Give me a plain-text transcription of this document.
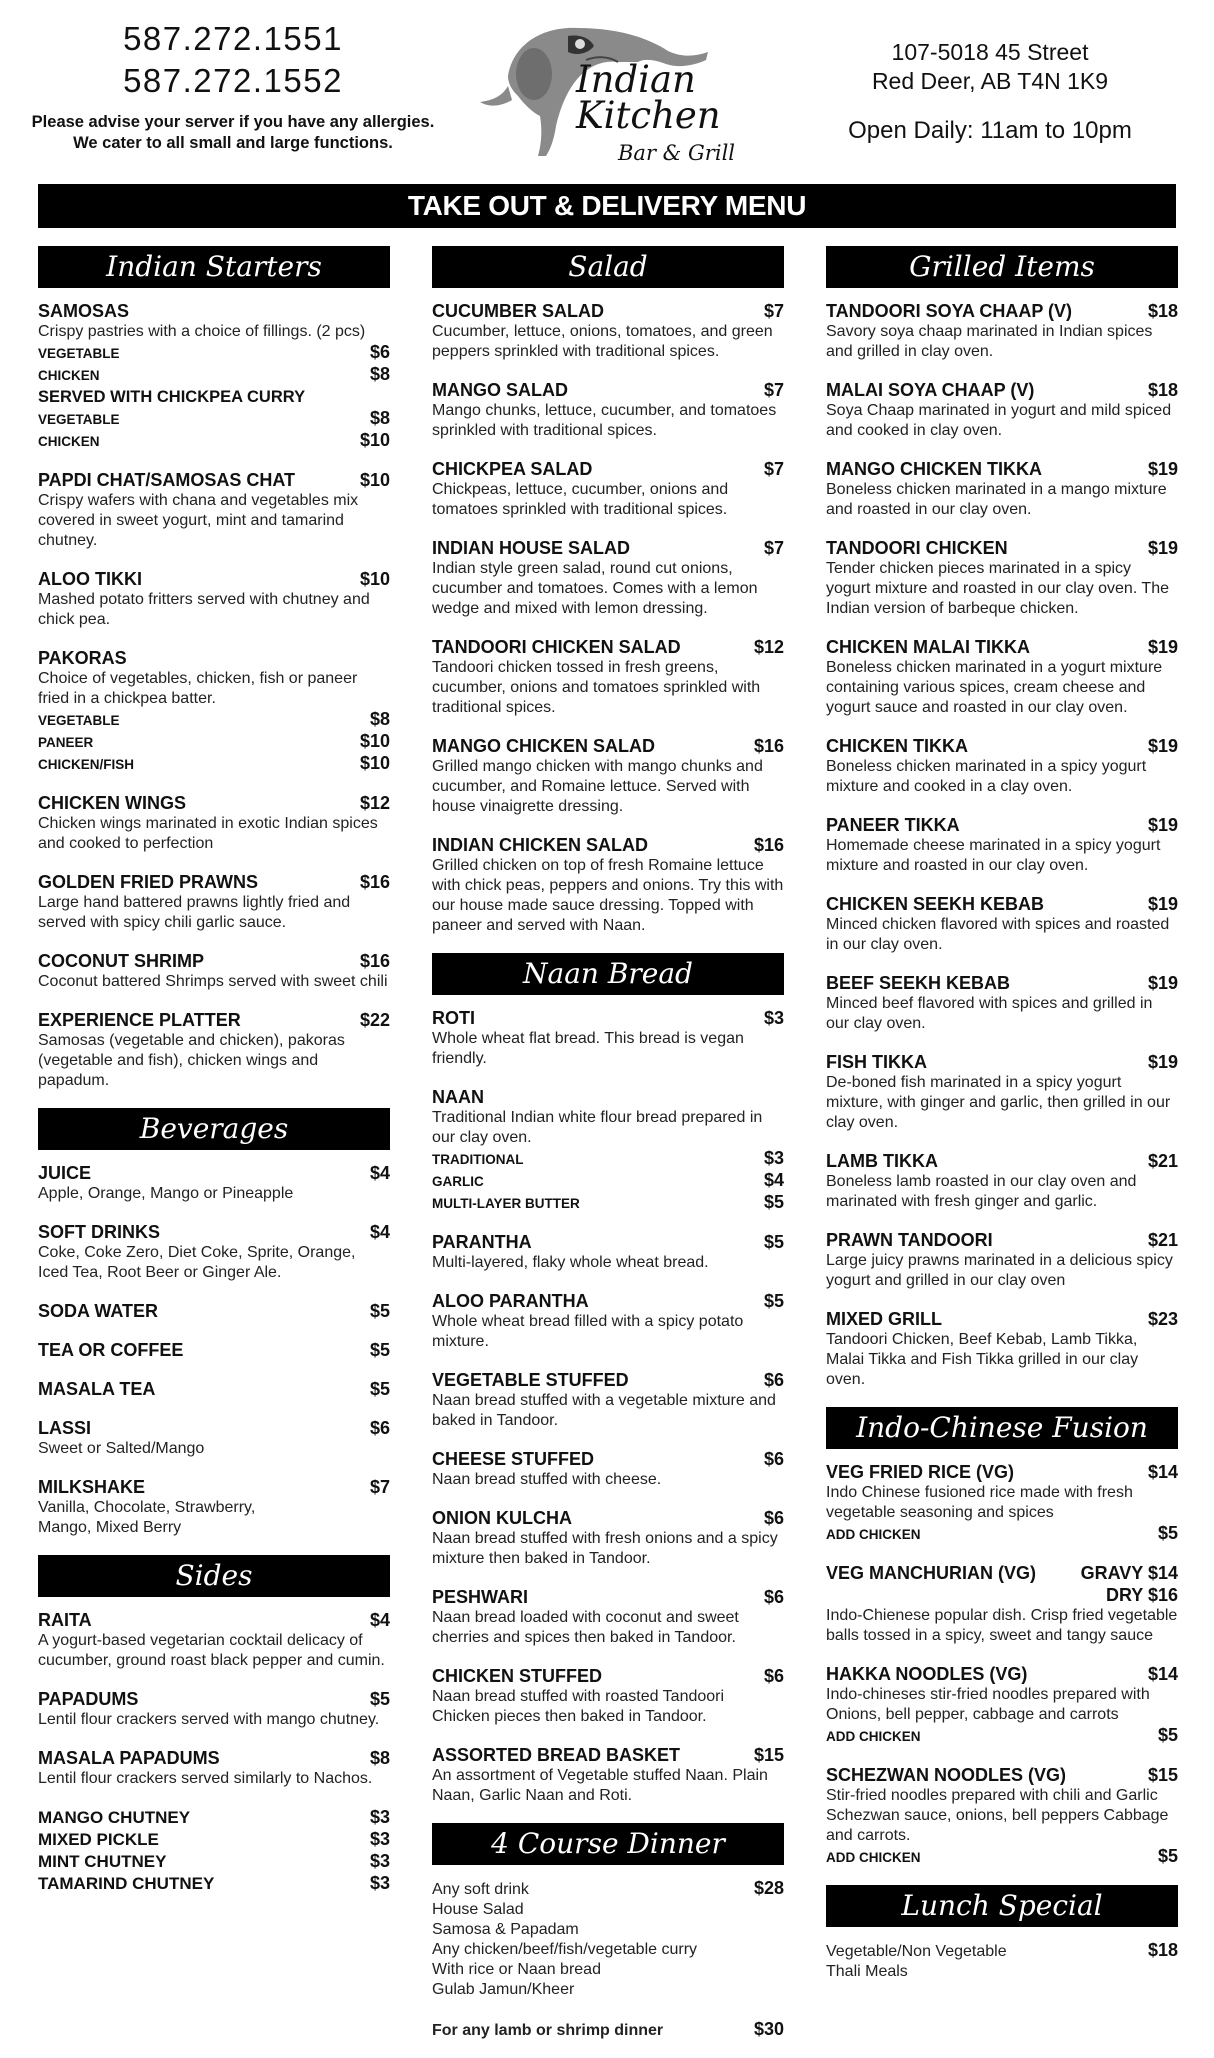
587.272.1551
587.272.1552
Please advise your server if you have any allergies.
We cater to all small and large functions.
Indian
Kitchen
Bar & Grill
107-5018 45 Street
Red Deer, AB T4N 1K9
Open Daily: 11am to 10pm
TAKE OUT & DELIVERY MENU
Indian Starters
SAMOSAS
Crispy pastries with a choice of fillings. (2 pcs)
VEGETABLE	$6
CHICKEN	$8
SERVED WITH CHICKPEA CURRY
VEGETABLE	$8
CHICKEN	$10
PAPDI CHAT/SAMOSAS CHAT	$10
Crispy wafers with chana and vegetables mix covered in sweet yogurt, mint and tamarind chutney.
ALOO TIKKI	$10
Mashed potato fritters served with chutney and chick pea.
PAKORAS
Choice of vegetables, chicken, fish or paneer fried in a chickpea batter.
VEGETABLE	$8
PANEER	$10
CHICKEN/FISH	$10
CHICKEN WINGS	$12
Chicken wings marinated in exotic Indian spices and cooked to perfection
GOLDEN FRIED PRAWNS	$16
Large hand battered prawns lightly fried and served with spicy chili garlic sauce.
COCONUT SHRIMP	$16
Coconut battered Shrimps served with sweet chili
EXPERIENCE PLATTER	$22
Samosas (vegetable and chicken), pakoras (vegetable and fish), chicken wings and papadum.
Beverages
JUICE	$4
Apple, Orange, Mango or Pineapple
SOFT DRINKS	$4
Coke, Coke Zero, Diet Coke, Sprite, Orange, Iced Tea, Root Beer or Ginger Ale.
SODA WATER	$5
TEA OR COFFEE	$5
MASALA TEA	$5
LASSI	$6
Sweet or Salted/Mango
MILKSHAKE	$7
Vanilla, Chocolate, Strawberry, Mango, Mixed Berry
Sides
RAITA	$4
A yogurt-based vegetarian cocktail delicacy of cucumber, ground roast black pepper and cumin.
PAPADUMS	$5
Lentil flour crackers served with mango chutney.
MASALA PAPADUMS	$8
Lentil flour crackers served similarly to Nachos.
MANGO CHUTNEY	$3
MIXED PICKLE	$3
MINT CHUTNEY	$3
TAMARIND CHUTNEY	$3
Salad
CUCUMBER SALAD	$7
Cucumber, lettuce, onions, tomatoes, and green peppers sprinkled with traditional spices.
MANGO SALAD	$7
Mango chunks, lettuce, cucumber, and tomatoes sprinkled with traditional spices.
CHICKPEA SALAD	$7
Chickpeas, lettuce, cucumber, onions and tomatoes sprinkled with traditional spices.
INDIAN HOUSE SALAD	$7
Indian style green salad, round cut onions, cucumber and tomatoes. Comes with a lemon wedge and mixed with lemon dressing.
TANDOORI CHICKEN SALAD	$12
Tandoori chicken tossed in fresh greens, cucumber, onions and tomatoes sprinkled with traditional spices.
MANGO CHICKEN SALAD	$16
Grilled mango chicken with mango chunks and cucumber, and Romaine lettuce. Served with house vinaigrette dressing.
INDIAN CHICKEN SALAD	$16
Grilled chicken on top of fresh Romaine lettuce with chick peas, peppers and onions. Try this with our house made sauce dressing. Topped with paneer and served with Naan.
Naan Bread
ROTI	$3
Whole wheat flat bread. This bread is vegan friendly.
NAAN
Traditional Indian white flour bread prepared in our clay oven.
TRADITIONAL	$3
GARLIC	$4
MULTI-LAYER BUTTER	$5
PARANTHA	$5
Multi-layered, flaky whole wheat bread.
ALOO PARANTHA	$5
Whole wheat bread filled with a spicy potato mixture.
VEGETABLE STUFFED	$6
Naan bread stuffed with a vegetable mixture and baked in Tandoor.
CHEESE STUFFED	$6
Naan bread stuffed with cheese.
ONION KULCHA	$6
Naan bread stuffed with fresh onions and a spicy mixture then baked in Tandoor.
PESHWARI	$6
Naan bread loaded with coconut and sweet cherries and spices then baked in Tandoor.
CHICKEN STUFFED	$6
Naan bread stuffed with roasted Tandoori Chicken pieces then baked in Tandoor.
ASSORTED BREAD BASKET	$15
An assortment of Vegetable stuffed Naan. Plain Naan, Garlic Naan and Roti.
4 Course Dinner
Any soft drink	$28
House Salad
Samosa & Papadam
Any chicken/beef/fish/vegetable curry
With rice or Naan bread
Gulab Jamun/Kheer
For any lamb or shrimp dinner	$30
Grilled Items
TANDOORI SOYA CHAAP (V)	$18
Savory soya chaap marinated in Indian spices and grilled in clay oven.
MALAI SOYA CHAAP (V)	$18
Soya Chaap marinated in yogurt and mild spiced and cooked in clay oven.
MANGO CHICKEN TIKKA	$19
Boneless chicken marinated in a mango mixture and roasted in our clay oven.
TANDOORI CHICKEN	$19
Tender chicken pieces marinated in a spicy yogurt mixture and roasted in our clay oven. The Indian version of barbeque chicken.
CHICKEN MALAI TIKKA	$19
Boneless chicken marinated in a yogurt mixture containing various spices, cream cheese and yogurt sauce and roasted in our clay oven.
CHICKEN TIKKA	$19
Boneless chicken marinated in a spicy yogurt mixture and cooked in a clay oven.
PANEER TIKKA	$19
Homemade cheese marinated in a spicy yogurt mixture and roasted in our clay oven.
CHICKEN SEEKH KEBAB	$19
Minced chicken flavored with spices and roasted in our clay oven.
BEEF SEEKH KEBAB	$19
Minced beef flavored with spices and grilled in our clay oven.
FISH TIKKA	$19
De-boned fish marinated in a spicy yogurt mixture, with ginger and garlic, then grilled in our clay oven.
LAMB TIKKA	$21
Boneless lamb roasted in our clay oven and marinated with fresh ginger and garlic.
PRAWN TANDOORI	$21
Large juicy prawns marinated in a delicious spicy yogurt and grilled in our clay oven
MIXED GRILL	$23
Tandoori Chicken, Beef Kebab, Lamb Tikka, Malai Tikka and Fish Tikka grilled in our clay oven.
Indo-Chinese Fusion
VEG FRIED RICE (VG)	$14
Indo Chinese fusioned rice made with fresh vegetable seasoning and spices
ADD CHICKEN	$5
VEG MANCHURIAN (VG) GRAVY $14
DRY $16
Indo-Chienese popular dish. Crisp fried vegetable balls tossed in a spicy, sweet and tangy sauce
HAKKA NOODLES (VG)	$14
Indo-chineses stir-fried noodles prepared with Onions, bell pepper, cabbage and carrots
ADD CHICKEN	$5
SCHEZWAN NOODLES (VG)	$15
Stir-fried noodles prepared with chili and Garlic Schezwan sauce, onions, bell peppers Cabbage and carrots.
ADD CHICKEN	$5
Lunch Special
Vegetable/Non Vegetable	$18
Thali Meals
